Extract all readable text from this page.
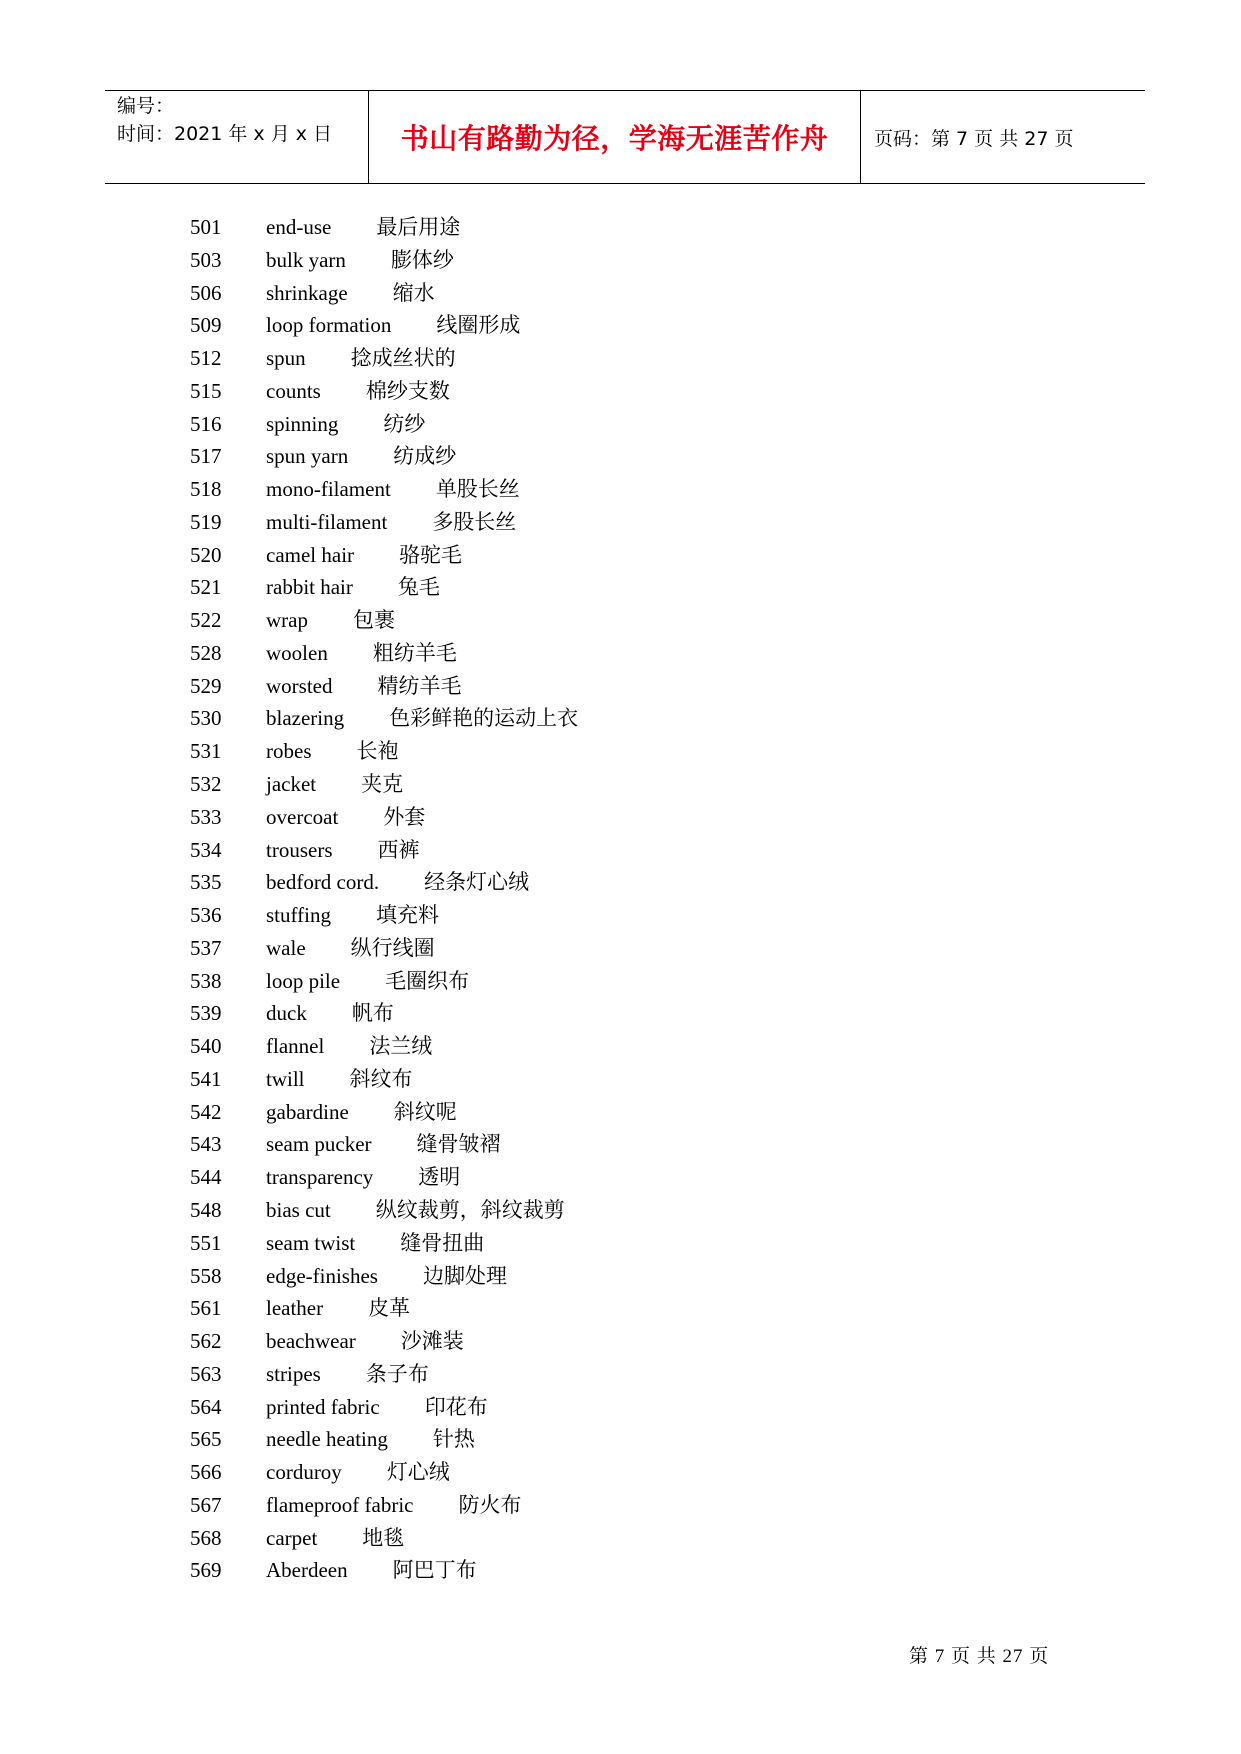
编号：
时间：2021 年 x 月 x 日	书山有路勤为径，学海无涯苦作舟	页码：第 7 页 共 27 页
501	end-use 最后用途
503	bulk yarn 膨体纱
506	shrinkage 缩水
509	loop formation 线圈形成
512	spun 捻成丝状的
515	counts 棉纱支数
516	spinning 纺纱
517	spun yarn 纺成纱
518	mono-filament 单股长丝
519	multi-filament 多股长丝
520	camel hair 骆驼毛
521	rabbit hair 兔毛
522	wrap 包裹
528	woolen 粗纺羊毛
529	worsted 精纺羊毛
530	blazering 色彩鲜艳的运动上衣
531	robes 长袍
532	jacket 夹克
533	overcoat 外套
534	trousers 西裤
535	bedford cord. 经条灯心绒
536	stuffing 填充料
537	wale 纵行线圈
538	loop pile 毛圈织布
539	duck 帆布
540	flannel 法兰绒
541	twill 斜纹布
542	gabardine 斜纹呢
543	seam pucker 缝骨皱褶
544	transparency 透明
548	bias cut 纵纹裁剪，斜纹裁剪
551	seam twist 缝骨扭曲
558	edge-finishes 边脚处理
561	leather 皮革
562	beachwear 沙滩装
563	stripes 条子布
564	printed fabric 印花布
565	needle heating 针热
566	corduroy 灯心绒
567	flameproof fabric 防火布
568	carpet 地毯
569	Aberdeen 阿巴丁布
第 7 页 共 27 页
